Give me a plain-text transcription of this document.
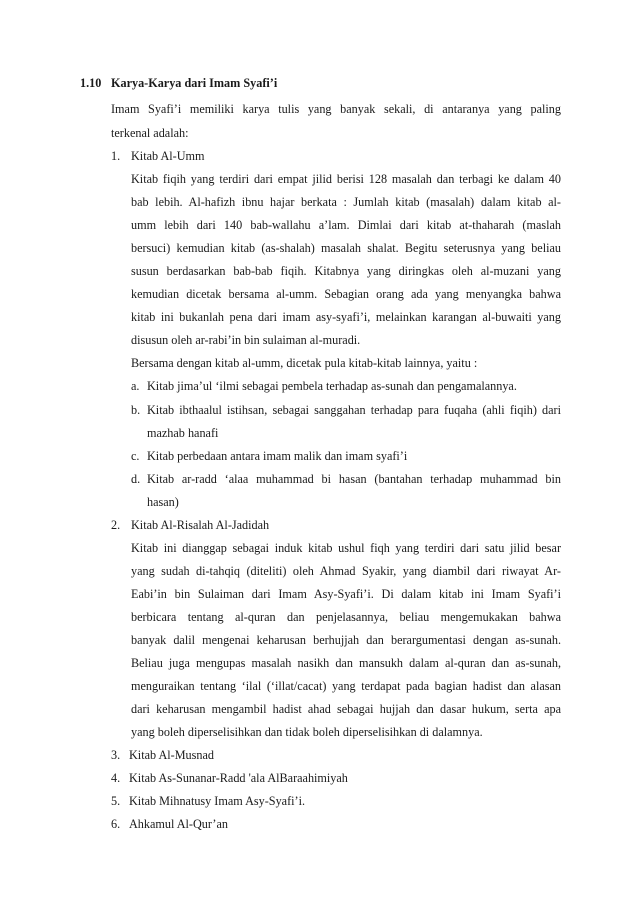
1.10 Karya-Karya dari Imam Syafi’i
Imam Syafi’i memiliki karya tulis yang banyak sekali, di antaranya yang paling
terkenal adalah:
1. Kitab Al-Umm
Kitab fiqih yang terdiri dari empat jilid berisi 128 masalah dan terbagi ke dalam 40
bab lebih. Al-hafizh ibnu hajar berkata : Jumlah kitab (masalah) dalam kitab al-
umm lebih dari 140 bab-wallahu a’lam. Dimlai dari kitab at-thaharah (maslah
bersuci) kemudian kitab (as-shalah) masalah shalat. Begitu seterusnya yang beliau
susun berdasarkan bab-bab fiqih. Kitabnya yang diringkas oleh al-muzani yang
kemudian dicetak bersama al-umm. Sebagian orang ada yang menyangka bahwa
kitab ini bukanlah pena dari imam asy-syafi’i, melainkan karangan al-buwaiti yang
disusun oleh ar-rabi’in bin sulaiman al-muradi.
Bersama dengan kitab al-umm, dicetak pula kitab-kitab lainnya, yaitu :
a. Kitab jima’ul ‘ilmi sebagai pembela terhadap as-sunah dan pengamalannya.
b. Kitab ibthaalul istihsan, sebagai sanggahan terhadap para fuqaha (ahli fiqih) dari
mazhab hanafi
c. Kitab perbedaan antara imam malik dan imam syafi’i
d. Kitab ar-radd ‘alaa muhammad bi hasan (bantahan terhadap muhammad bin
hasan)
2. Kitab Al-Risalah Al-Jadidah
Kitab ini dianggap sebagai induk kitab ushul fiqh yang terdiri dari satu jilid besar
yang sudah di-tahqiq (diteliti) oleh Ahmad Syakir, yang diambil dari riwayat Ar-
Eabi’in bin Sulaiman dari Imam Asy-Syafi’i. Di dalam kitab ini Imam Syafi’i
berbicara tentang al-quran dan penjelasannya, beliau mengemukakan bahwa
banyak dalil mengenai keharusan berhujjah dan berargumentasi dengan as-sunah.
Beliau juga mengupas masalah nasikh dan mansukh dalam al-quran dan as-sunah,
menguraikan tentang ‘ilal (‘illat/cacat) yang terdapat pada bagian hadist dan alasan
dari keharusan mengambil hadist ahad sebagai hujjah dan dasar hukum, serta apa
yang boleh diperselisihkan dan tidak boleh diperselisihkan di dalamnya.
3. Kitab Al-Musnad
4. Kitab As-Sunanar-Radd 'ala AlBaraahimiyah
5. Kitab Mihnatusy Imam Asy-Syafi’i.
6. Ahkamul Al-Qur’an
